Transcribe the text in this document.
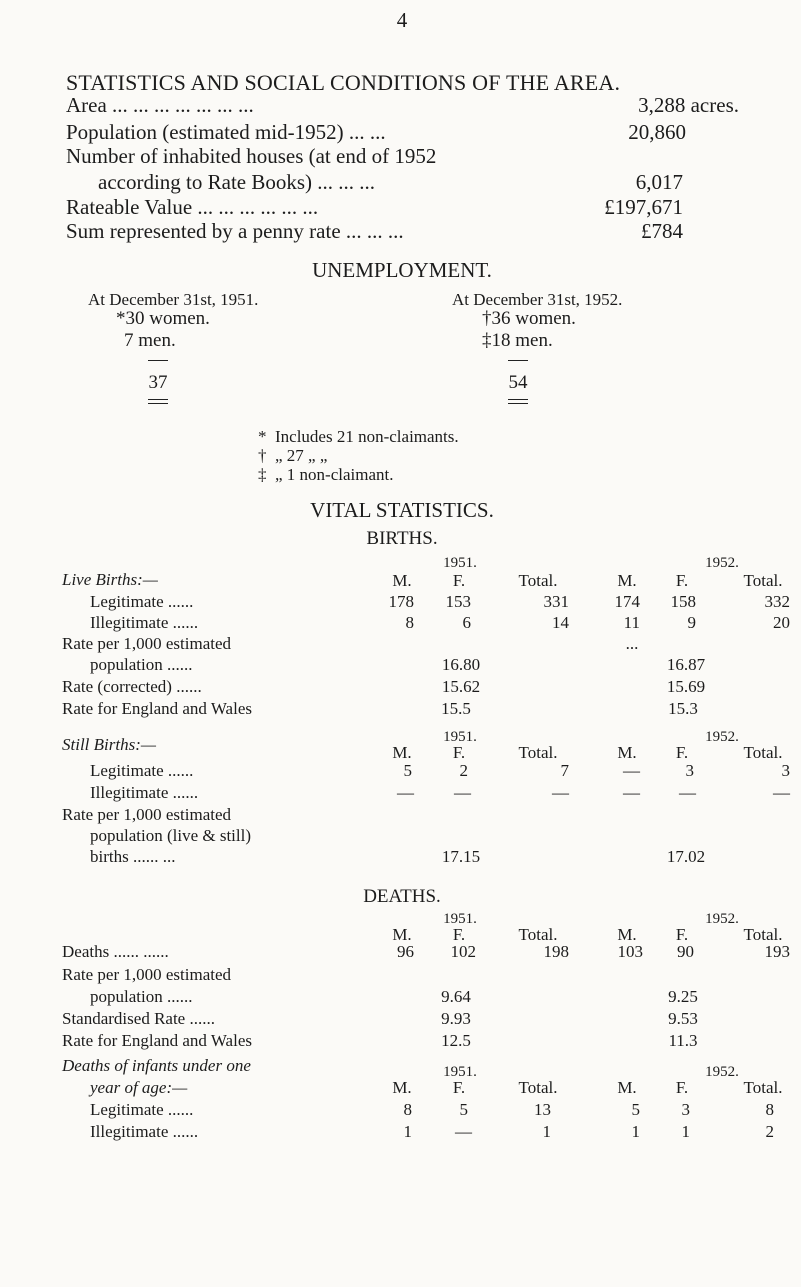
4
STATISTICS AND SOCIAL CONDITIONS OF THE AREA.
Area ... ... ... ... ... ... ...	3,288 acres.
Population (estimated mid-1952) ... ...	20,860
Number of inhabited houses (at end of 1952
according to Rate Books) ... ... ...	6,017
Rateable Value ... ... ... ... ... ...	£197,671
Sum represented by a penny rate ... ... ...	£784
UNEMPLOYMENT.
At December 31st, 1951.
*30 women.
7 men.
37
At December 31st, 1952.
†36 women.
‡18 men.
54
* Includes 21 non-claimants.
† „ 27 „ „
‡ „ 1 non-claimant.
VITAL STATISTICS.
BIRTHS.
1951.	1952.
Live Births:—	M. F.	Total.	M. F.	Total.
Legitimate ......	178 153	331	174 158	332
Illegitimate ......	8	6	14	11	9	20
Rate per 1,000 estimated	...
population ......	16.80	16.87
Rate (corrected) ......	15.62	15.69
Rate for England and Wales	15.5	15.3
1951.	1952.
Still Births:—	M. F.	Total.	M. F.	Total.
Legitimate ......	5	2	7	—	3	3
Illegitimate ......	— —	—	— —	—
Rate per 1,000 estimated
population (live & still)
births ...... ...	17.15	17.02
DEATHS.
1951.	1952.
M. F.	Total.	M. F.	Total.
Deaths ...... ......	96 102	198	103 90	193
Rate per 1,000 estimated
population ......	9.64	9.25
Standardised Rate ......	9.93	9.53
Rate for England and Wales	12.5	11.3
Deaths of infants under one	1951.	1952.
year of age:—	M. F.	Total.	M. F.	Total.
Legitimate ......	8	5	13	5 3	8
Illegitimate ......	1	—	1	1 1	2
